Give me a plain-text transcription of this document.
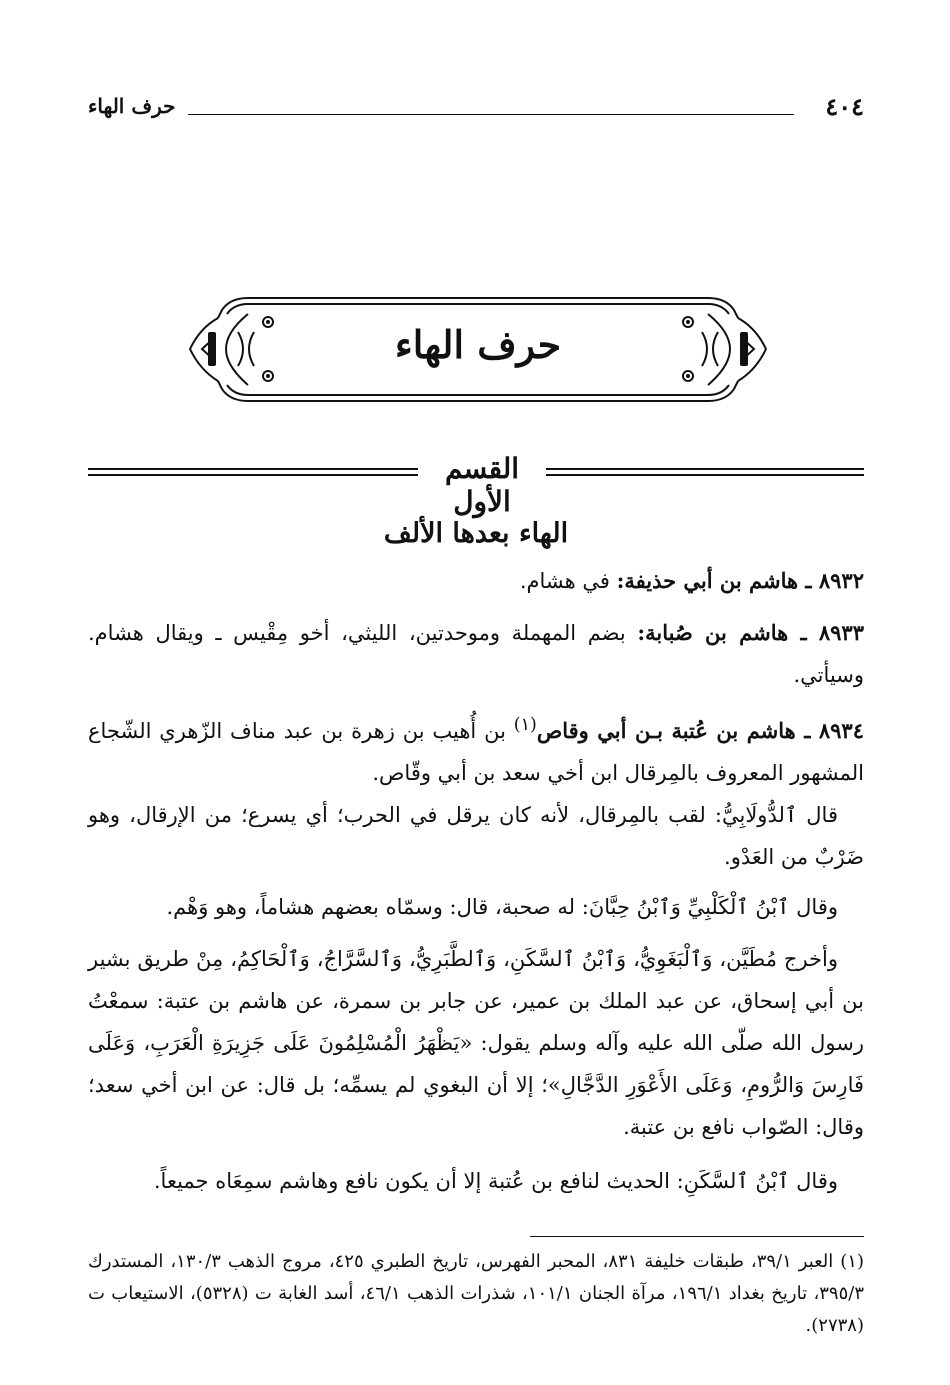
٤٠٤
حرف الهاء
حرف الهاء
القسم الأول
الهاء بعدها الألف
٨٩٣٢ ـ هاشم بن أبي حذيفة: في هشام.
٨٩٣٣ ـ هاشم بن صُبابة: بضم المهملة وموحدتين، الليثي، أخو مِقْيس ـ ويقال هشام. وسيأتي.
٨٩٣٤ ـ هاشم بن عُتبة بـن أبي وقاص$^{(١)}$ بن أُهيب بن زهرة بن عبد مناف الزّهري الشّجاع المشهور المعروف بالمِرقال ابن أخي سعد بن أبي وقّاص.
قال ٱلدُّولَابِيُّ: لقب بالمِرقال، لأنه كان يرقل في الحرب؛ أي يسرع؛ من الإرقال، وهو ضَرْبٌ من العَدْو.
وقال ٱبْنُ ٱلْكَلْبِيِّ وَٱبْنُ حِبَّانَ: له صحبة، قال: وسمّاه بعضهم هشاماً، وهو وَهْم.
وأخرج مُطَيَّن، وَٱلْبَغَوِيُّ، وَٱبْنُ ٱلسَّكَنِ، وَٱلطَّبَرِيُّ، وَٱلسَّرَّاجُ، وَٱلْحَاكِمُ، مِنْ طريق بشير بن أبي إسحاق، عن عبد الملك بن عمير، عن جابر بن سمرة، عن هاشم بن عتبة: سمعْتُ رسول الله صلّى الله عليه وآله وسلم يقول: «يَظْهَرُ الْمُسْلِمُونَ عَلَى جَزِيرَةِ الْعَرَبِ، وَعَلَى فَارِسَ وَالرُّومِ، وَعَلَى الأَعْوَرِ الدَّجَّالِ»؛ إلا أن البغوي لم يسمِّه؛ بل قال: عن ابن أخي سعد؛ وقال: الصّواب نافع بن عتبة.
وقال ٱبْنُ ٱلسَّكَنِ: الحديث لنافع بن عُتبة إلا أن يكون نافع وهاشم سمِعَاه جميعاً.
(١) العبر ٣٩/١، طبقات خليفة ٨٣١، المحبر الفهرس، تاريخ الطبري ٤٢٥، مروج الذهب ١٣٠/٣، المستدرك ٣٩٥/٣، تاريخ بغداد ١٩٦/١، مرآة الجنان ١٠١/١، شذرات الذهب ٤٦/١، أسد الغابة ت (٥٣٢٨)، الاستيعاب ت (٢٧٣٨).
